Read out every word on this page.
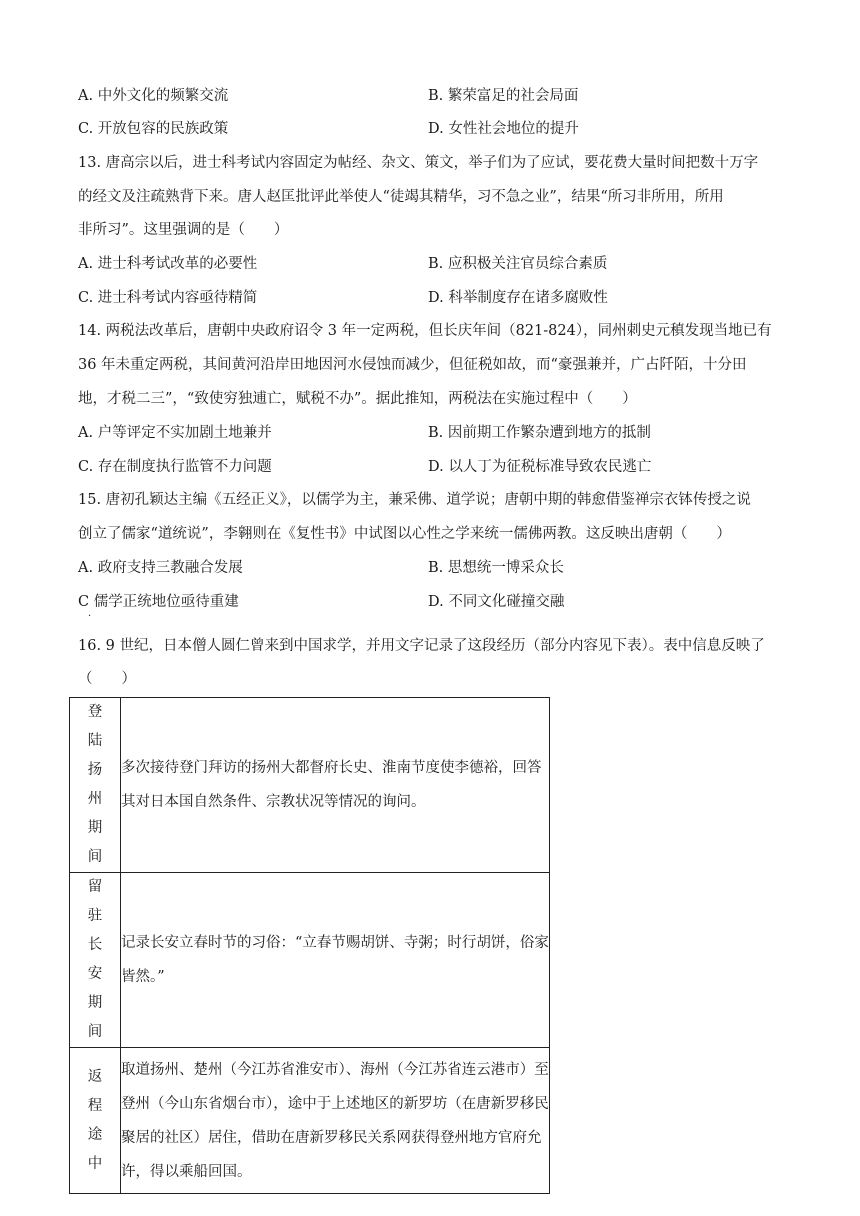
A. 中外文化的频繁交流	B. 繁荣富足的社会局面
C. 开放包容的民族政策	D. 女性社会地位的提升
13. 唐高宗以后，进士科考试内容固定为帖经、杂文、策文，举子们为了应试，要花费大量时间把数十万字
的经文及注疏熟背下来。唐人赵匡批评此举使人“徒竭其精华，习不急之业”，结果“所习非所用，所用
非所习”。这里强调的是（　　）
A. 进士科考试改革的必要性	B. 应积极关注官员综合素质
C. 进士科考试内容亟待精简	D. 科举制度存在诸多腐败性
14. 两税法改革后，唐朝中央政府诏令 3 年一定两税，但长庆年间（821-824），同州刺史元稹发现当地已有
36 年未重定两税，其间黄河沿岸田地因河水侵蚀而减少，但征税如故，而“豪强兼并，广占阡陌，十分田
地，才税二三”，“致使穷独逋亡，赋税不办”。据此推知，两税法在实施过程中（　　）
A. 户等评定不实加剧土地兼并	B. 因前期工作繁杂遭到地方的抵制
C. 存在制度执行监管不力问题	D. 以人丁为征税标准导致农民逃亡
15. 唐初孔颖达主编《五经正义》，以儒学为主，兼采佛、道学说；唐朝中期的韩愈借鉴禅宗衣钵传授之说
创立了儒家“道统说”，李翱则在《复性书》中试图以心性之学来统一儒佛两教。这反映出唐朝（　　）
A. 政府支持三教融合发展	B. 思想统一博采众长
C 儒学正统地位亟待重建	D. 不同文化碰撞交融
·
16. 9 世纪，日本僧人圆仁曾来到中国求学，并用文字记录了这段经历（部分内容见下表）。表中信息反映了
（　　）
登陆扬州期间	多次接待登门拜访的扬州大都督府长史、淮南节度使李德裕，回答其对日本国自然条件、宗教状况等情况的询问。
留驻长安期间	记录长安立春时节的习俗：“立春节赐胡饼、寺粥；时行胡饼，俗家皆然。”
返程途中	取道扬州、楚州（今江苏省淮安市）、海州（今江苏省连云港市）至登州（今山东省烟台市），途中于上述地区的新罗坊（在唐新罗移民聚居的社区）居住，借助在唐新罗移民关系网获得登州地方官府允许，得以乘船回国。
